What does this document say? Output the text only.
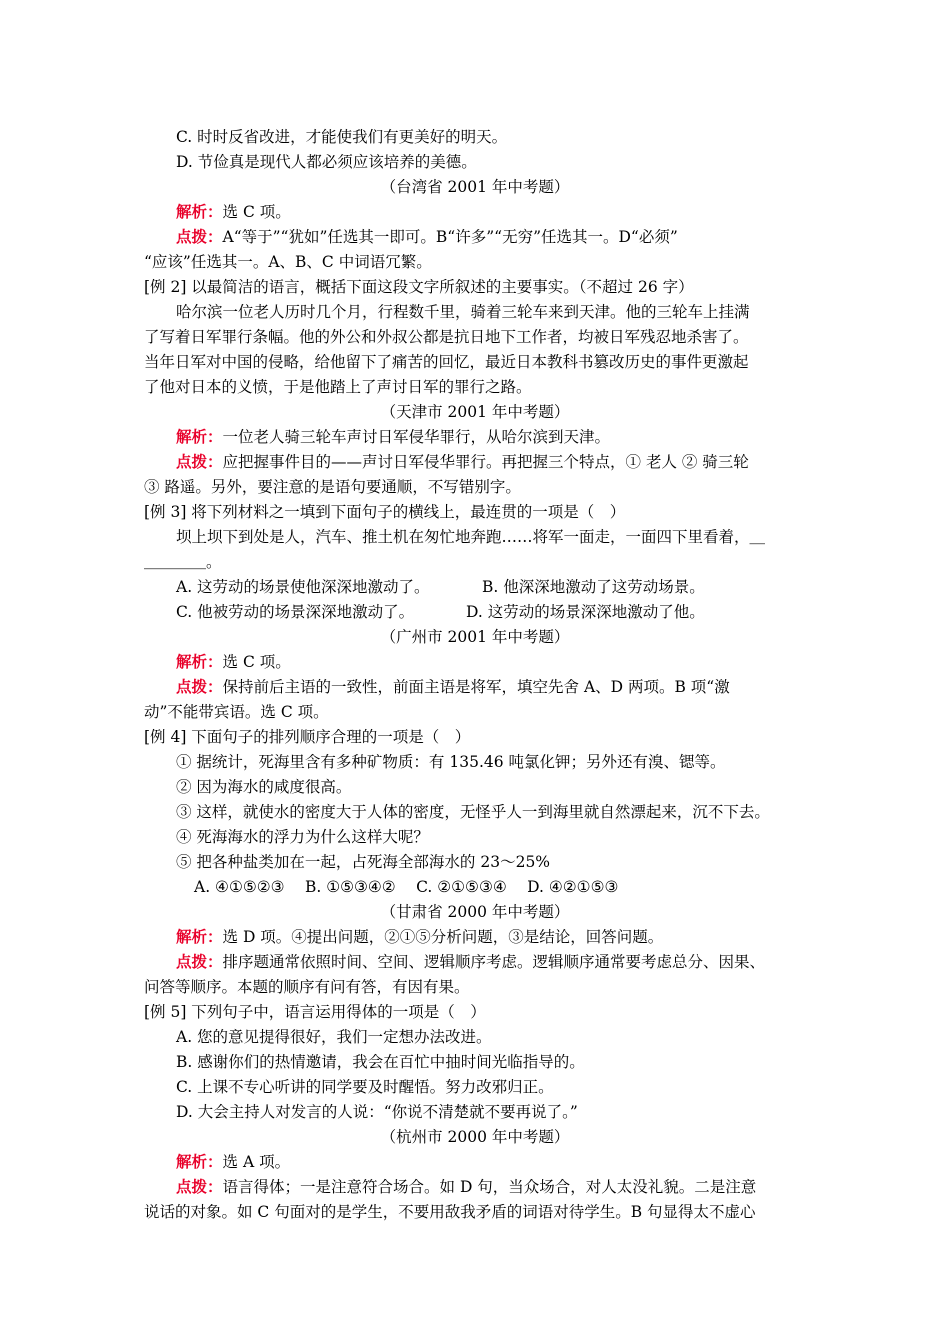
C. 时时反省改进，才能使我们有更美好的明天。
D. 节俭真是现代人都必须应该培养的美德。
（台湾省 2001 年中考题）
解析：选 C 项。
点拨：A“等于”“犹如”任选其一即可。B“许多”“无穷”任选其一。D“必须”
“应该”任选其一。A、B、C 中词语冗繁。
[例 2] 以最简洁的语言，概括下面这段文字所叙述的主要事实。（不超过 26 字）
哈尔滨一位老人历时几个月，行程数千里，骑着三轮车来到天津。他的三轮车上挂满
了写着日军罪行条幅。他的外公和外叔公都是抗日地下工作者，均被日军残忍地杀害了。
当年日军对中国的侵略，给他留下了痛苦的回忆，最近日本教科书篡改历史的事件更激起
了他对日本的义愤，于是他踏上了声讨日军的罪行之路。
（天津市 2001 年中考题）
解析：一位老人骑三轮车声讨日军侵华罪行，从哈尔滨到天津。
点拨：应把握事件目的——声讨日军侵华罪行。再把握三个特点，① 老人 ② 骑三轮
③ 路遥。另外，要注意的是语句要通顺，不写错别字。
[例 3] 将下列材料之一填到下面句子的横线上，最连贯的一项是（　）
坝上坝下到处是人，汽车、推土机在匆忙地奔跑……将军一面走，一面四下里看着，＿
＿＿＿＿。
A. 这劳动的场景使他深深地激动了。	B. 他深深地激动了这劳动场景。
C. 他被劳动的场景深深地激动了。	D. 这劳动的场景深深地激动了他。
（广州市 2001 年中考题）
解析：选 C 项。
点拨：保持前后主语的一致性，前面主语是将军，填空先舍 A、D 两项。B 项“激
动”不能带宾语。选 C 项。
[例 4] 下面句子的排列顺序合理的一项是（　）
① 据统计，死海里含有多种矿物质：有 135.46 吨氯化钾；另外还有溴、锶等。
② 因为海水的咸度很高。
③ 这样，就使水的密度大于人体的密度，无怪乎人一到海里就自然漂起来，沉不下去。
④ 死海海水的浮力为什么这样大呢？
⑤ 把各种盐类加在一起，占死海全部海水的 23～25%
A. ④①⑤②③　 B. ①⑤③④②　 C. ②①⑤③④　 D. ④②①⑤③
（甘肃省 2000 年中考题）
解析：选 D 项。④提出问题，②①⑤分析问题，③是结论，回答问题。
点拨：排序题通常依照时间、空间、逻辑顺序考虑。逻辑顺序通常要考虑总分、因果、
问答等顺序。本题的顺序有问有答，有因有果。
[例 5] 下列句子中，语言运用得体的一项是（　）
A. 您的意见提得很好，我们一定想办法改进。
B. 感谢你们的热情邀请，我会在百忙中抽时间光临指导的。
C. 上课不专心听讲的同学要及时醒悟。努力改邪归正。
D. 大会主持人对发言的人说：“你说不清楚就不要再说了。”
（杭州市 2000 年中考题）
解析：选 A 项。
点拨：语言得体；一是注意符合场合。如 D 句，当众场合，对人太没礼貌。二是注意
说话的对象。如 C 句面对的是学生，不要用敌我矛盾的词语对待学生。B 句显得太不虚心
